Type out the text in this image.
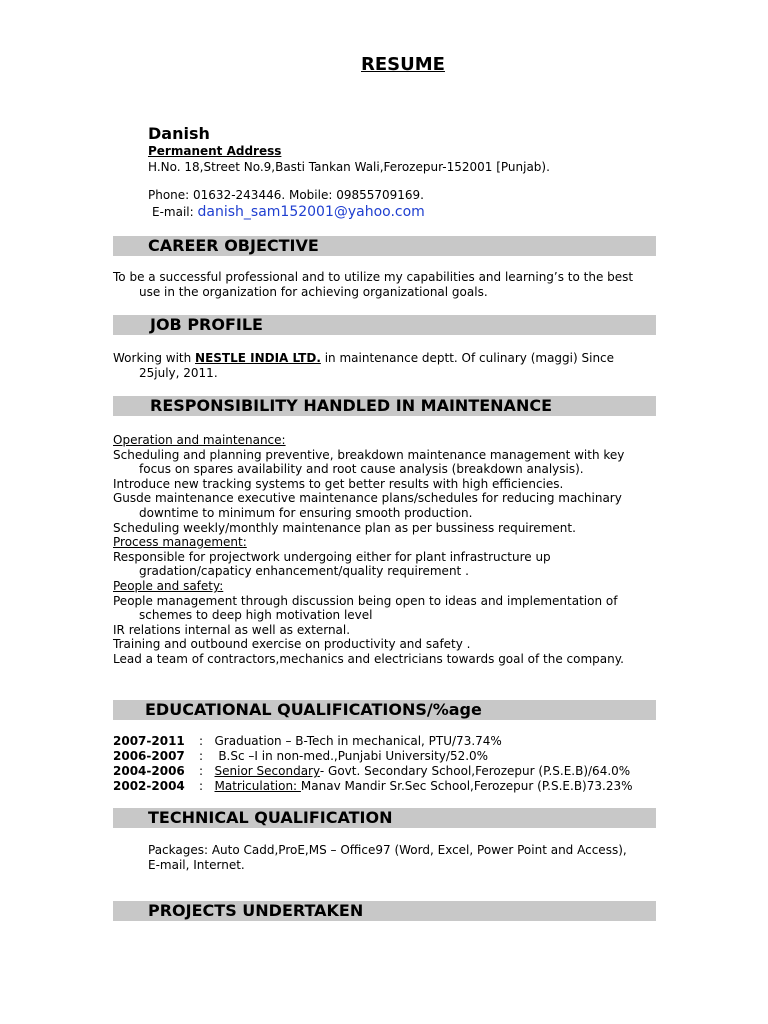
RESUME
Danish
Permanent Address
H.No. 18,Street No.9,Basti Tankan Wali,Ferozepur-152001 [Punjab).
Phone: 01632-243446. Mobile: 09855709169.
E-mail: danish_sam152001@yahoo.com
CAREER OBJECTIVE
To be a successful professional and to utilize my capabilities and learning’s to the best
use in the organization for achieving organizational goals.
JOB PROFILE
Working with NESTLE INDIA LTD. in maintenance deptt. Of culinary (maggi) Since
25july, 2011.
RESPONSIBILITY HANDLED IN MAINTENANCE
Operation and maintenance:
Scheduling and planning preventive, breakdown maintenance management with key
focus on spares availability and root cause analysis (breakdown analysis).
Introduce new tracking systems to get better results with high efficiencies.
Gusde maintenance executive maintenance plans/schedules for reducing machinary
downtime to minimum for ensuring smooth production.
Scheduling weekly/monthly maintenance plan as per bussiness requirement.
Process management:
Responsible for projectwork undergoing either for plant infrastructure up
gradation/capaticy enhancement/quality requirement .
People and safety:
People management through discussion being open to ideas and implementation of
schemes to deep high motivation level
IR relations internal as well as external.
Training and outbound exercise on productivity and safety .
Lead a team of contractors,mechanics and electricians towards goal of the company.
EDUCATIONAL QUALIFICATIONS/%age
2007-2011 : Graduation – B-Tech in mechanical, PTU/73.74%
2006-2007 :    B.Sc –I in non-med.,Punjabi University/52.0%
2004-2006 : Senior Secondary- Govt. Secondary School,Ferozepur (P.S.E.B)/64.0%
2002-2004 : Matriculation: Manav Mandir Sr.Sec School,Ferozepur (P.S.E.B)73.23%
TECHNICAL QUALIFICATION
Packages: Auto Cadd,ProE,MS – Office97 (Word, Excel, Power Point and Access),
E-mail, Internet.
PROJECTS UNDERTAKEN
